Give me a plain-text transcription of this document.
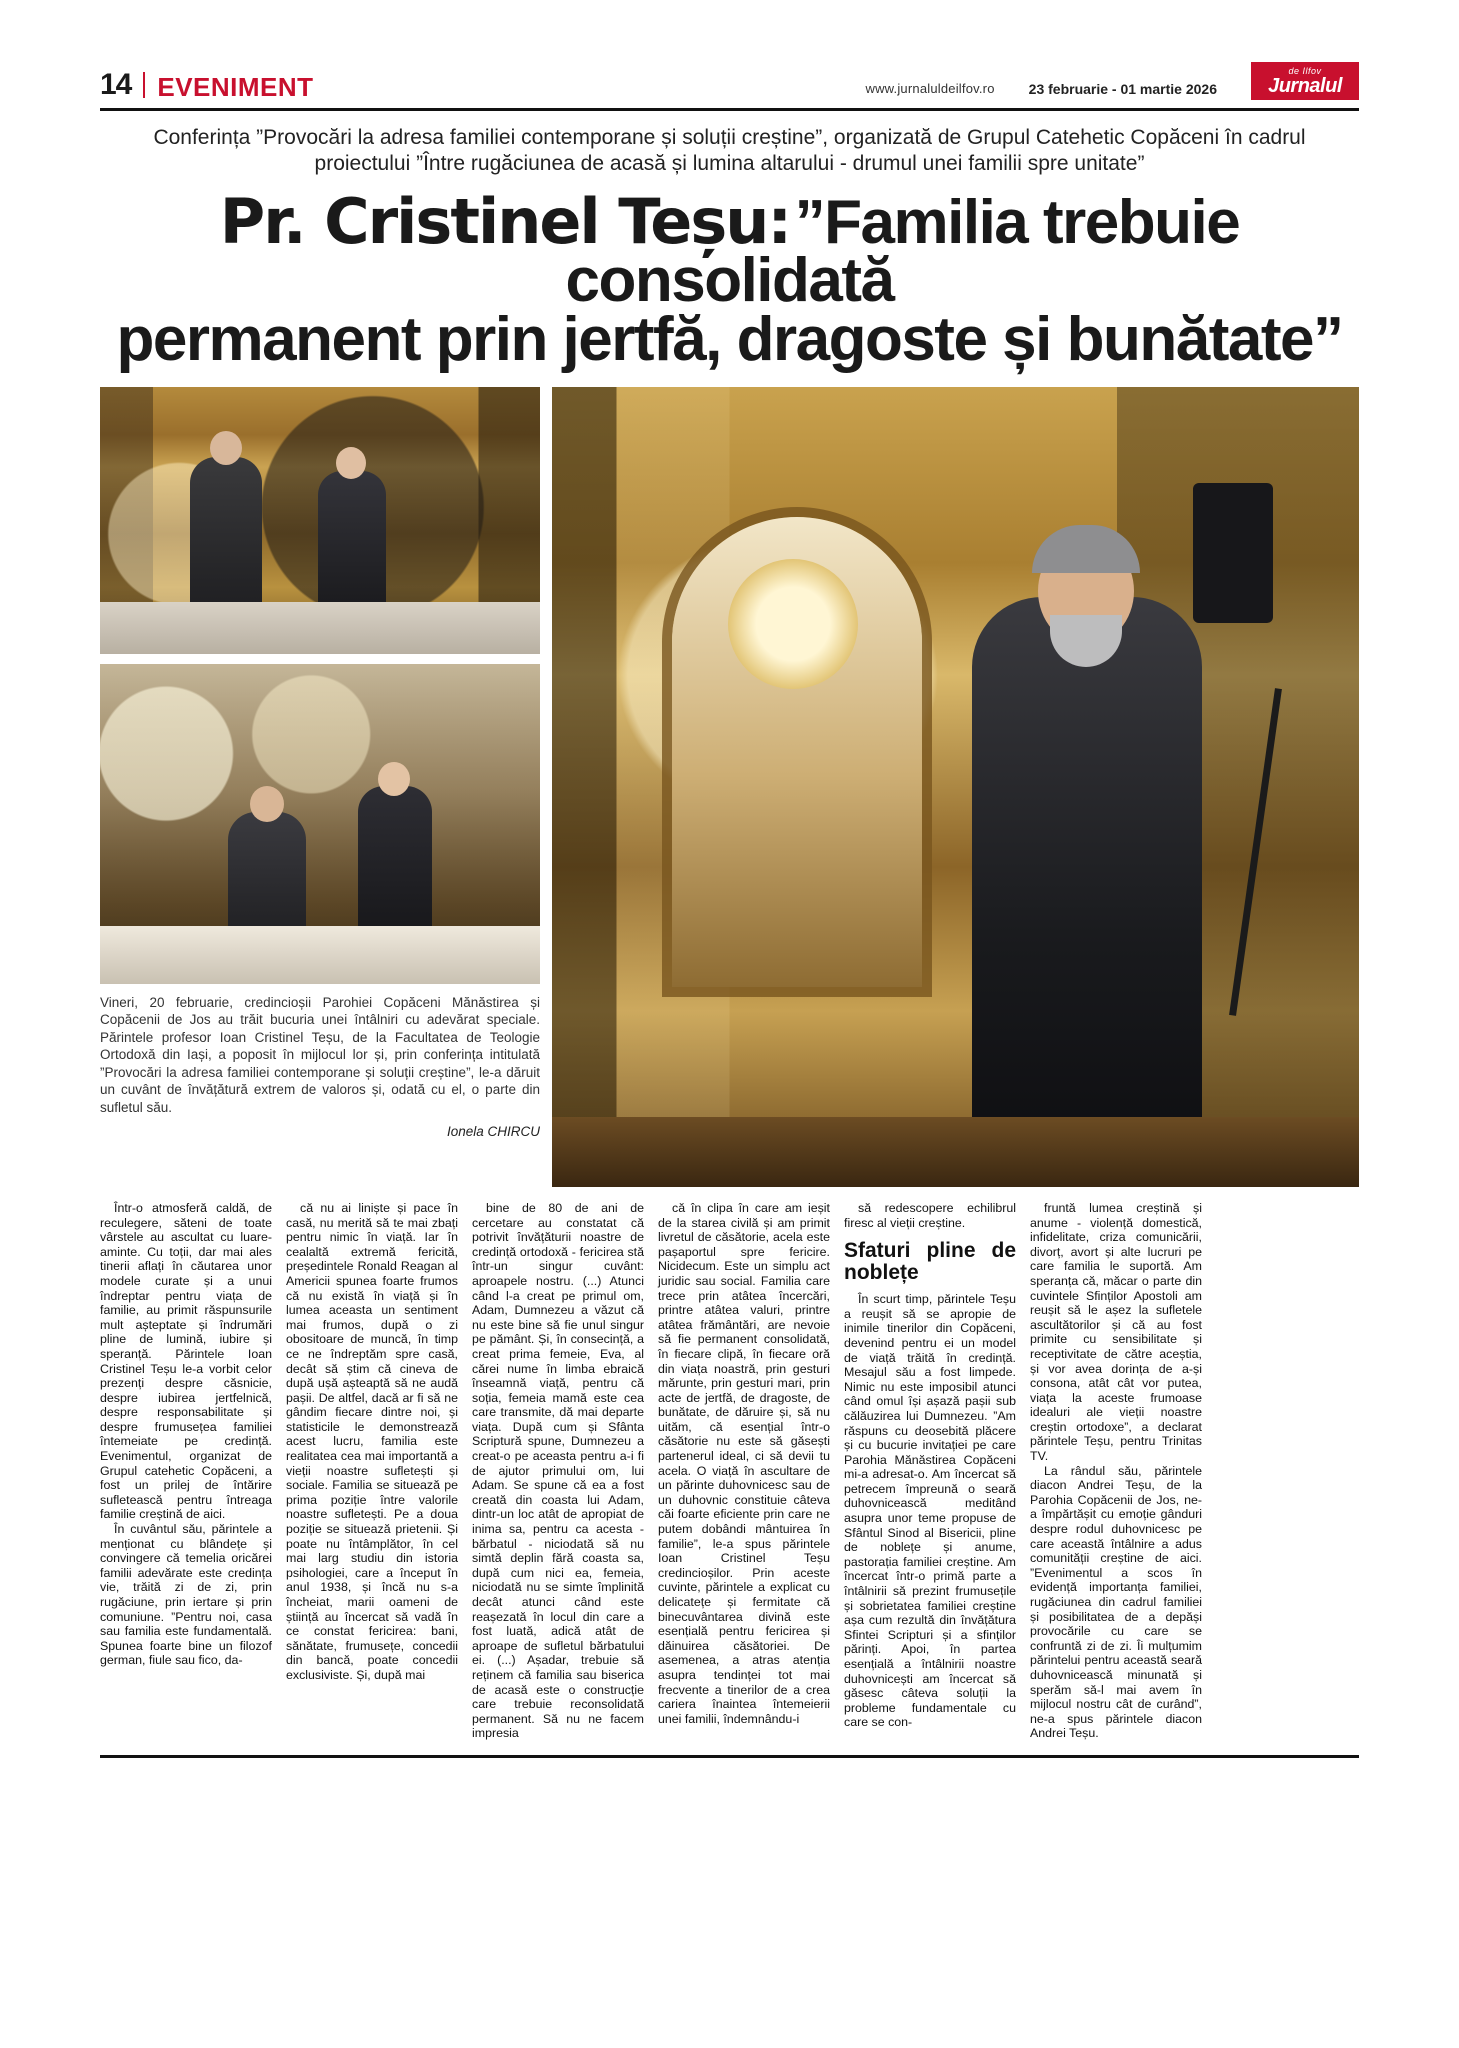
14 EVENIMENT	www.jurnaluldeilfov.ro 23 februarie - 01 martie 2026
de Ilfov
Jurnalul
Conferința ”Provocări la adresa familiei contemporane și soluții creștine”, organizată de Grupul Catehetic Copăceni în cadrul proiectului ”Între rugăciunea de acasă și lumina altarului - drumul unei familii spre unitate”
Pr. Cristinel Teșu: ”Familia trebuie consolidată
permanent prin jertfă, dragoste și bunătate”
Vineri, 20 februarie, credincioșii Parohiei Copăceni Mănăstirea și Copăcenii de Jos au trăit bucuria unei întâlniri cu adevărat speciale. Părintele profesor Ioan Cristinel Teșu, de la Facultatea de Teologie Ortodoxă din Iași, a poposit în mijlocul lor și, prin conferința intitulată ”Provocări la adresa familiei contemporane și soluții creștine”, le-a dăruit un cuvânt de învățătură extrem de valoros și, odată cu el, o parte din sufletul său.
Ionela CHIRCU

Într-o atmosferă caldă, de reculegere, săteni de toate vârstele au ascultat cu luare-aminte. Cu toții, dar mai ales tinerii aflați în căutarea unor modele curate și a unui îndreptar pentru viața de familie, au primit răspunsurile mult așteptate și îndrumări pline de lumină, iubire și speranță. Părintele Ioan Cristinel Teșu le-a vorbit celor prezenți despre căsnicie, despre iubirea jertfelnică, despre responsabilitate și despre frumusețea familiei întemeiate pe credință. Evenimentul, organizat de Grupul catehetic Copăceni, a fost un prilej de întărire sufletească pentru întreaga familie creștină de aici.

În cuvântul său, părintele a menționat cu blândețe și convingere că temelia oricărei familii adevărate este credința vie, trăită zi de zi, prin rugăciune, prin iertare și prin comuniune. ”Pentru noi, casa sau familia este fundamentală. Spunea foarte bine un filozof german, fiule sau fico, da-

că nu ai liniște și pace în casă, nu merită să te mai zbați pentru nimic în viață. Iar în cealaltă extremă fericită, președintele Ronald Reagan al Americii spunea foarte frumos că nu există în viață și în lumea aceasta un sentiment mai frumos, după o zi obositoare de muncă, în timp ce ne îndreptăm spre casă, decât să știm că cineva de după ușă așteaptă să ne audă pașii. De altfel, dacă ar fi să ne gândim fiecare dintre noi, și statisticile le demonstrează acest lucru, familia este realitatea cea mai importantă a vieții noastre sufletești și sociale. Familia se situează pe prima poziție între valorile noastre sufletești. Pe a doua poziție se situează prietenii. Și poate nu întâmplător, în cel mai larg studiu din istoria psihologiei, care a început în anul 1938, și încă nu s-a încheiat, marii oameni de știință au încercat să vadă în ce constat fericirea: bani, sănătate, frumusețe, concedii din bancă, poate concedii exclusiviste. Și, după mai

bine de 80 de ani de cercetare au constatat că potrivit învățăturii noastre de credință ortodoxă - fericirea stă într-un singur cuvânt: aproapele nostru. (...) Atunci când l-a creat pe primul om, Adam, Dumnezeu a văzut că nu este bine să fie unul singur pe pământ. Și, în consecință, a creat prima femeie, Eva, al cărei nume în limba ebraică înseamnă viață, pentru că soția, femeia mamă este cea care transmite, dă mai departe viața. După cum și Sfânta Scriptură spune, Dumnezeu a creat-o pe aceasta pentru a-i fi de ajutor primului om, lui Adam. Se spune că ea a fost creată din coasta lui Adam, dintr-un loc atât de apropiat de inima sa, pentru ca acesta - bărbatul - niciodată să nu simtă deplin fără coasta sa, după cum nici ea, femeia, niciodată nu se simte împlinită decât atunci când este reașezată în locul din care a fost luată, adică atât de aproape de sufletul bărbatului ei. (...) Așadar, trebuie să reținem că familia sau biserica de acasă este o construcție care trebuie reconsolidată permanent. Să nu ne facem impresia

că în clipa în care am ieșit de la starea civilă și am primit livretul de căsătorie, acela este pașaportul spre fericire. Nicidecum. Este un simplu act juridic sau social. Familia care trece prin atâtea încercări, printre atâtea valuri, printre atâtea frământări, are nevoie să fie permanent consolidată, în fiecare clipă, în fiecare oră din viața noastră, prin gesturi mărunte, prin gesturi mari, prin acte de jertfă, de dragoste, de bunătate, de dăruire și, să nu uităm, că esențial într-o căsătorie nu este să găsești partenerul ideal, ci să devii tu acela. O viață în ascultare de un părinte duhovnicesc sau de un duhovnic constituie câteva căi foarte eficiente prin care ne putem dobândi mântuirea în familie”, le-a spus părintele Ioan Cristinel Teșu credincioșilor. Prin aceste cuvinte, părintele a explicat cu delicatețe și fermitate că binecuvântarea divină este esențială pentru fericirea și dăinuirea căsătoriei. De asemenea, a atras atenția asupra tendinței tot mai frecvente a tinerilor de a crea cariera înaintea întemeierii unei familii, îndemnându-i

să redescopere echilibrul firesc al vieții creștine.

Sfaturi pline de noblețe

În scurt timp, părintele Teșu a reușit să se apropie de inimile tinerilor din Copăceni, devenind pentru ei un model de viață trăită în credință. Mesajul său a fost limpede. Nimic nu este imposibil atunci când omul își așază pașii sub călăuzirea lui Dumnezeu. ”Am răspuns cu deosebită plăcere și cu bucurie invitației pe care Parohia Mănăstirea Copăceni mi-a adresat-o. Am încercat să petrecem împreună o seară duhovnicească meditând asupra unor teme propuse de Sfântul Sinod al Bisericii, pline de noblețe și anume, pastorația familiei creștine. Am încercat într-o primă parte a întâlnirii să prezint frumusețile și sobrietatea familiei creștine așa cum rezultă din învățătura Sfintei Scripturi și a sfinților părinți. Apoi, în partea esențială a întâlnirii noastre duhovnicești am încercat să găsesc câteva soluții la probleme fundamentale cu care se con-

fruntă lumea creștină și anume - violență domestică, infidelitate, criza comunicării, divorț, avort și alte lucruri pe care familia le suportă. Am speranța că, măcar o parte din cuvintele Sfinților Apostoli am reușit să le așez la sufletele ascultătorilor și că au fost primite cu sensibilitate și receptivitate de către aceștia, și vor avea dorința de a-și consona, atât cât vor putea, viața la aceste frumoase idealuri ale vieții noastre creștin ortodoxe”, a declarat părintele Teșu, pentru Trinitas TV.

La rândul său, părintele diacon Andrei Teșu, de la Parohia Copăcenii de Jos, ne-a împărtășit cu emoție gânduri despre rodul duhovnicesc pe care această întâlnire a adus comunității creștine de aici. ”Evenimentul a scos în evidență importanța familiei, rugăciunea din cadrul familiei și posibilitatea de a depăși provocările cu care se confruntă zi de zi. Îi mulțumim părintelui pentru această seară duhovnicească minunată și sperăm să-l mai avem în mijlocul nostru cât de curând”, ne-a spus părintele diacon Andrei Teșu.
